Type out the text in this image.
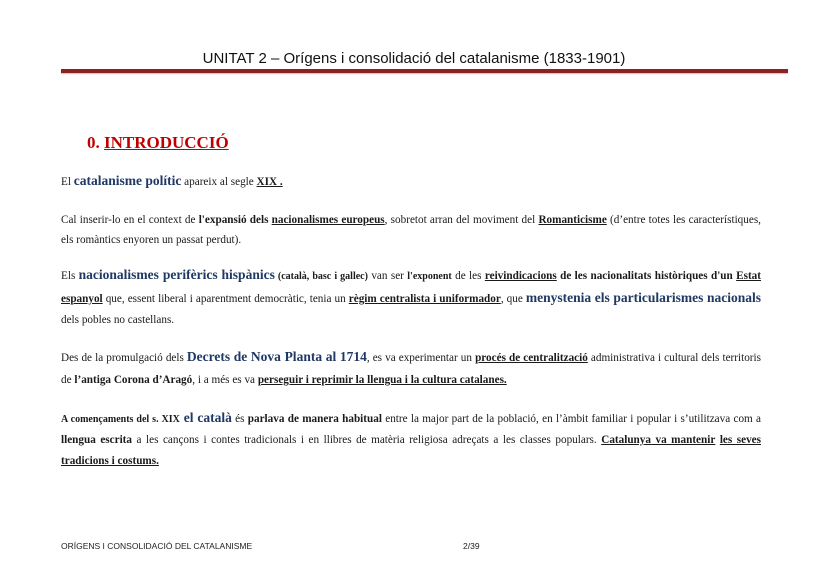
UNITAT 2 – Orígens i consolidació del catalanisme (1833-1901)
0. INTRODUCCIÓ
El catalanisme polític apareix al segle XIX .
Cal inserir-lo en el context de l'expansió dels nacionalismes europeus, sobretot arran del moviment del Romanticisme (d’entre totes les característiques, els romàntics enyoren un passat perdut).
Els nacionalismes perifèrics hispànics (català, basc i gallec) van ser l'exponent de les reivindicacions de les nacionalitats històriques d'un Estat espanyol que, essent liberal i aparentment democràtic, tenia un règim centralista i uniformador, que menystenia els particularismes nacionals dels pobles no castellans.
Des de la promulgació dels Decrets de Nova Planta al 1714, es va experimentar un procés de centralització administrativa i cultural dels territoris de l’antiga Corona d’Aragó, i a més es va perseguir i reprimir la llengua i la cultura catalanes.
A començaments del s. XIX el català és parlava de manera habitual entre la major part de la població, en l’àmbit familiar i popular i s’utilitzava com a llengua escrita a les cançons i contes tradicionals i en llibres de matèria religiosa adreçats a les classes populars. Catalunya va mantenir les seves tradicions i costums.
ORÍGENS I CONSOLIDACIÓ DEL CATALANISME	2/39
